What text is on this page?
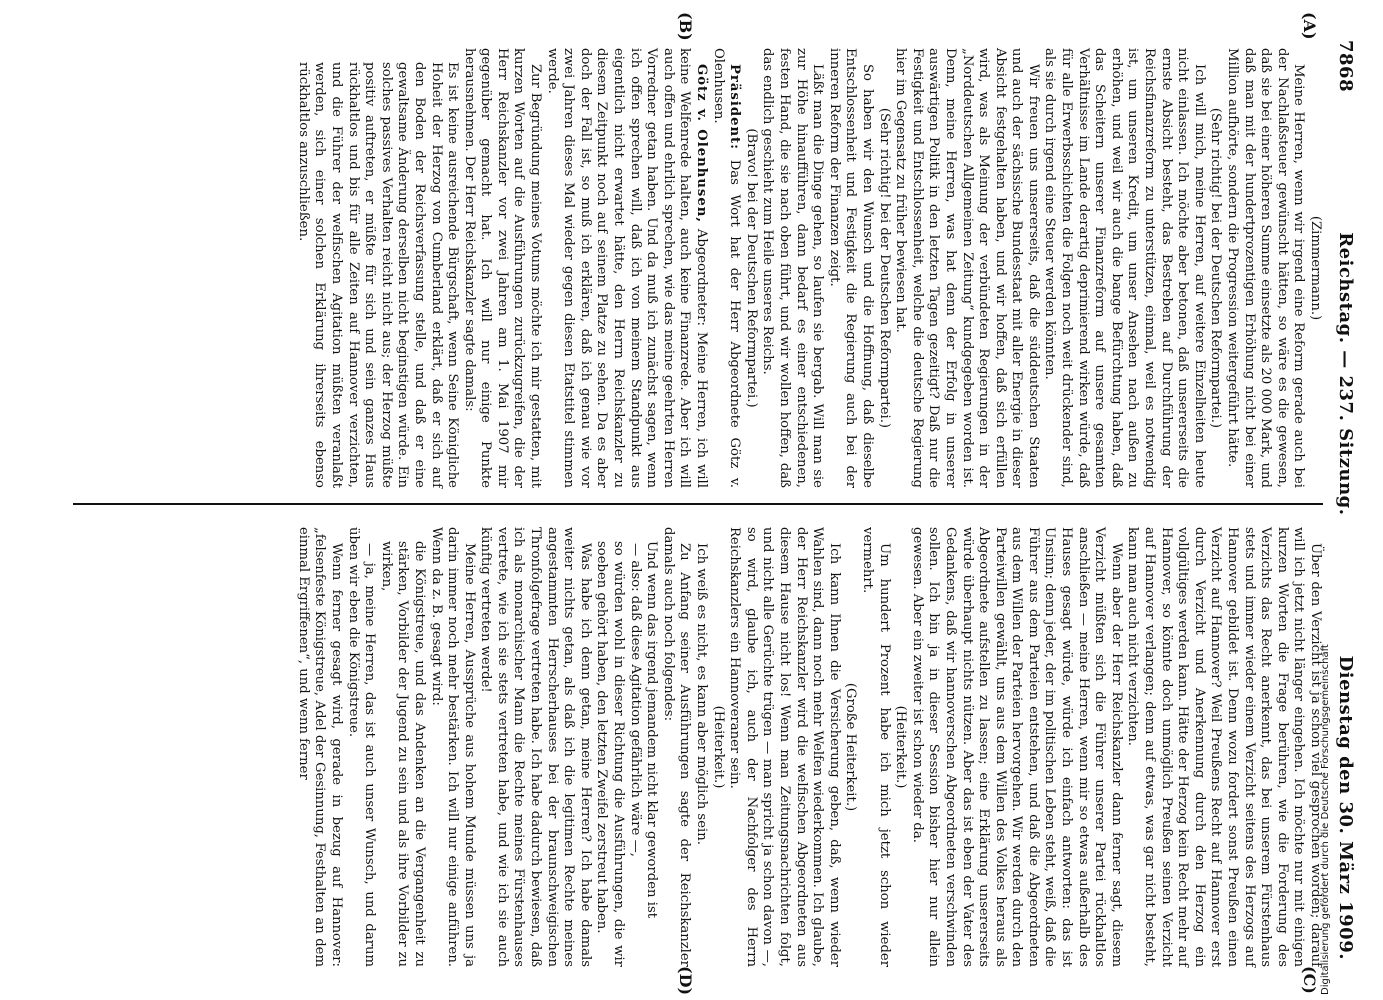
7868
Reichstag. — 237. Sitzung.
Dienstag den 30. März 1909.
(A)
(B)
(C)
(D)

(Zimmermann.)

Meine Herren, wenn wir irgend eine Reform gerade auch bei der Nachlaßsteuer gewünscht hätten, so wäre es die gewesen, daß sie bei einer höheren Summe einsetzte als 20 000 Mark, und daß man mit der hundertprozentigen Erhöhung nicht bei einer Million aufhörte, sondern die Progression weitergeführt hätte.

(Sehr richtig! bei der Deutschen Reformpartei.)

Ich will mich, meine Herren, auf weitere Einzelheiten heute nicht einlassen. Ich möchte aber betonen, daß unsererseits die ernste Absicht besteht, das Bestreben auf Durchführung der Reichsfinanzreform zu unterstützen, einmal, weil es notwendig ist, um unseren Kredit, um unser Ansehen nach außen zu erhöhen, und weil wir auch die bange Befürchtung haben, daß das Scheitern unserer Finanzreform auf unsere gesamten Verhältnisse im Lande derartig deprimierend wirken würde, daß für alle Erwerbsschichten die Folgen noch weit drückender sind, als sie durch irgend eine Steuer werden könnten.

Wir freuen uns unsererseits, daß die süddeutschen Staaten und auch der sächsische Bundesstaat mit aller Energie in dieser Absicht festgehalten haben, und wir hoffen, daß sich erfüllen wird, was als Meinung der verbündeten Regierungen in der „Norddeutschen Allgemeinen Zeitung“ kundgegeben worden ist. Denn, meine Herren, was hat denn der Erfolg in unserer auswärtigen Politik in den letzten Tagen gezeitigt? Daß nur die Festigkeit und Entschlossenheit, welche die deutsche Regierung hier im Gegensatz zu früher bewiesen hat.

(Sehr richtig! bei der Deutschen Reformpartei.)

So haben wir den Wunsch und die Hoffnung, daß dieselbe Entschlossenheit und Festigkeit die Regierung auch bei der inneren Reform der Finanzen zeigt.

Läßt man die Dinge gehen, so laufen sie bergab. Will man sie zur Höhe hinaufführen, dann bedarf es einer entschiedenen, festen Hand, die sie nach oben führt, und wir wollen hoffen, daß das endlich geschieht zum Heile unseres Reichs.

(Bravo! bei der Deutschen Reformpartei.)

Präsident: Das Wort hat der Herr Abgeordnete Götz v. Olenhusen.

Götz v. Olenhusen, Abgeordneter: Meine Herren, ich will keine Welfenrede halten, auch keine Finanzrede. Aber ich will auch offen und ehrlich sprechen, wie das meine geehrten Herren Vorredner getan haben. Und da muß ich zunächst sagen, wenn ich offen sprechen will, daß ich von meinem Standpunkt aus eigentlich nicht erwartet hätte, den Herrn Reichskanzler zu diesem Zeitpunkt noch auf seinem Platze zu sehen. Da es aber doch der Fall ist, so muß ich erklären, daß ich genau wie vor zwei Jahren dieses Mal wieder gegen diesen Etatstitel stimmen werde.

Zur Begründung meines Votums möchte ich mir gestatten, mit kurzen Worten auf die Ausführungen zurückzugreifen, die der Herr Reichskanzler vor zwei Jahren am 1. Mai 1907 mir gegenüber gemacht hat. Ich will nur einige Punkte herausnehmen. Der Herr Reichskanzler sagte damals:

Es ist keine ausreichende Bürgschaft, wenn Seine Königliche Hoheit der Herzog von Cumberland erklärt, daß er sich auf den Boden der Reichsverfassung stelle, und daß er eine gewaltsame Änderung derselben nicht beginstigen würde. Ein solches passives Verhalten reicht nicht aus; der Herzog müßte positiv auftreten, er müßte für sich und sein ganzes Haus rückhaltlos und bis für alle Zeiten auf Hannover verzichten, und die Führer der welfischen Agitation müßten veranlaßt werden, sich einer solchen Erklärung ihrerseits ebenso rückhaltlos anzuschließen.

Über den Verzicht ist ja schon viel gesprochen worden; darauf will ich jetzt nicht länger eingehen. Ich möchte nur mit einigen kurzen Worten die Frage berühren, wie die Forderung des Verzichts das Recht anerkennt, das bei unserem Fürstenhaus stets und immer wieder einem Verzicht seitens des Herzogs auf Hannover gebildet ist. Denn wozu fordert sonst Preußen einen Verzicht auf Hannover? Weil Preußens Recht auf Hannover erst durch Verzicht und Anerkennung durch den Herzog ein vollgültiges werden kann. Hätte der Herzog kein Recht mehr auf Hannover, so könnte doch unmöglich Preußen seinen Verzicht auf Hannover verlangen; denn auf etwas, was gar nicht besteht, kann man auch nicht verzichten.

Wenn aber der Herr Reichskanzler dann ferner sagt, diesem Verzicht müßten sich die Führer unserer Partei rückhaltlos anschließen — meine Herren, wenn mir so etwas außerhalb des Hauses gesagt würde, würde ich einfach antworten: das ist Unsinn; denn jeder, der im politischen Leben steht, weiß, daß die Führer aus dem Parteien entstehen, und daß die Abgeordneten aus dem Willen der Parteien hervorgehen. Wir werden durch den Parteiwillen gewählt, uns aus dem Willen des Volkes heraus als Abgeordnete aufstellen zu lassen; eine Erklärung unsererseits würde überhaupt nichts nützen. Aber das ist eben der Vater des Gedankens, daß wir hannoverschen Abgeordneten verschwinden sollen. Ich bin ja in dieser Session bisher hier nur allein gewesen. Aber ein zweiter ist schon wieder da.

(Heiterkeit.)

Um hundert Prozent habe ich mich jetzt schon wieder vermehrt.

(Große Heiterkeit.)

Ich kann Ihnen die Versicherung geben, daß, wenn wieder Wahlen sind, dann noch mehr Welfen wiederkommen. Ich glaube, der Herr Reichskanzler wird die welfischen Abgeordneten aus diesem Hause nicht los! Wenn man Zeitungsnachrichten folgt, und nicht alle Gerüchte trügen — man spricht ja schon davon —, so wird, glaube ich, auch der Nachfolger des Herrn Reichskanzlers ein Hannoveraner sein.

(Heiterkeit.)

Ich weiß es nicht, es kann aber möglich sein.

Zu Anfang seiner Ausführungen sagte der Reichskanzler damals auch noch folgendes:

Und wenn das irgend jemandem nicht klar geworden ist

— also: daß diese Agitation gefährlich wäre —,

so würden wohl in dieser Richtung die Ausführungen, die wir soeben gehört haben, den letzten Zweifel zerstreut haben.

Was habe ich denn getan, meine Herren? Ich habe damals weiter nichts getan, als daß ich die legitimen Rechte meines angestammten Herrscherhauses bei der braunschweigischen Thronfolgefrage vertreten habe. Ich habe dadurch bewiesen, daß ich als monarchischer Mann die Rechte meines Fürstenhauses vertrete, wie ich sie stets vertreten habe, und wie ich sie auch künftig vertreten werde!

Meine Herren, Aussprüche aus hohem Munde müssen uns ja darin immer noch mehr bestärken. Ich will nur einige anführen. Wenn da z. B. gesagt wird:

die Königstreue, und das Andenken an die Vergangenheit zu stärken, Vorbilder der Jugend zu sein und als ihre Vorbilder zu wirken,

— ja, meine Herren, das ist auch unser Wunsch, und darum üben wir eben die Königstreue.

Wenn ferner gesagt wird, gerade in bezug auf Hannover: „felsenfeste Königstreue, Adel der Gesinnung, Festhalten an dem einmal Ergriffenen“, und wenn ferner	Digitalisierung gefördert durch die Deutsche Forschungsgemeinschaft
